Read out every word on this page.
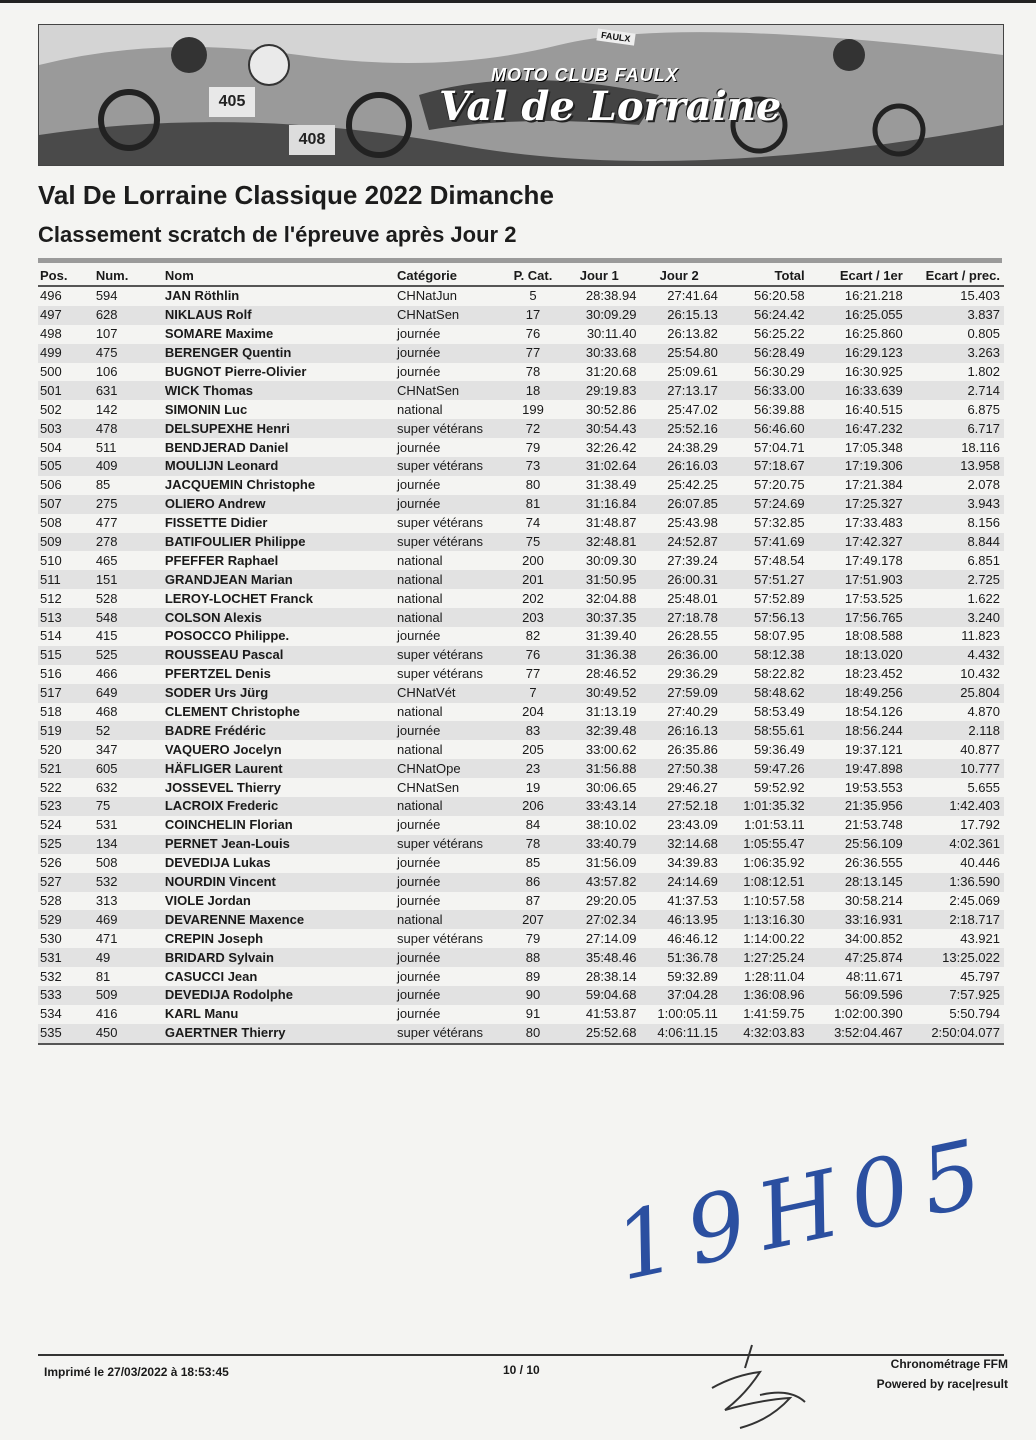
FAULX
MOTO CLUB FAULX
Val de Lorraine
405
408
Val De Lorraine Classique 2022 Dimanche
Classement scratch de l'épreuve après Jour 2
Pos.	Num.	Nom	Catégorie	P. Cat.	Jour 1	Jour 2	Total	Ecart / 1er	Ecart / prec.
496	594	JAN Röthlin	CHNatJun	5	28:38.94	27:41.64	56:20.58	16:21.218	15.403
497	628	NIKLAUS Rolf	CHNatSen	17	30:09.29	26:15.13	56:24.42	16:25.055	3.837
498	107	SOMARE Maxime	journée	76	30:11.40	26:13.82	56:25.22	16:25.860	0.805
499	475	BERENGER Quentin	journée	77	30:33.68	25:54.80	56:28.49	16:29.123	3.263
500	106	BUGNOT Pierre-Olivier	journée	78	31:20.68	25:09.61	56:30.29	16:30.925	1.802
501	631	WICK Thomas	CHNatSen	18	29:19.83	27:13.17	56:33.00	16:33.639	2.714
502	142	SIMONIN Luc	national	199	30:52.86	25:47.02	56:39.88	16:40.515	6.875
503	478	DELSUPEXHE Henri	super vétérans	72	30:54.43	25:52.16	56:46.60	16:47.232	6.717
504	511	BENDJERAD Daniel	journée	79	32:26.42	24:38.29	57:04.71	17:05.348	18.116
505	409	MOULIJN Leonard	super vétérans	73	31:02.64	26:16.03	57:18.67	17:19.306	13.958
506	85	JACQUEMIN Christophe	journée	80	31:38.49	25:42.25	57:20.75	17:21.384	2.078
507	275	OLIERO Andrew	journée	81	31:16.84	26:07.85	57:24.69	17:25.327	3.943
508	477	FISSETTE Didier	super vétérans	74	31:48.87	25:43.98	57:32.85	17:33.483	8.156
509	278	BATIFOULIER Philippe	super vétérans	75	32:48.81	24:52.87	57:41.69	17:42.327	8.844
510	465	PFEFFER Raphael	national	200	30:09.30	27:39.24	57:48.54	17:49.178	6.851
511	151	GRANDJEAN Marian	national	201	31:50.95	26:00.31	57:51.27	17:51.903	2.725
512	528	LEROY-LOCHET Franck	national	202	32:04.88	25:48.01	57:52.89	17:53.525	1.622
513	548	COLSON Alexis	national	203	30:37.35	27:18.78	57:56.13	17:56.765	3.240
514	415	POSOCCO Philippe.	journée	82	31:39.40	26:28.55	58:07.95	18:08.588	11.823
515	525	ROUSSEAU Pascal	super vétérans	76	31:36.38	26:36.00	58:12.38	18:13.020	4.432
516	466	PFERTZEL Denis	super vétérans	77	28:46.52	29:36.29	58:22.82	18:23.452	10.432
517	649	SODER Urs Jürg	CHNatVét	7	30:49.52	27:59.09	58:48.62	18:49.256	25.804
518	468	CLEMENT Christophe	national	204	31:13.19	27:40.29	58:53.49	18:54.126	4.870
519	52	BADRE Frédéric	journée	83	32:39.48	26:16.13	58:55.61	18:56.244	2.118
520	347	VAQUERO Jocelyn	national	205	33:00.62	26:35.86	59:36.49	19:37.121	40.877
521	605	HÄFLIGER Laurent	CHNatOpe	23	31:56.88	27:50.38	59:47.26	19:47.898	10.777
522	632	JOSSEVEL Thierry	CHNatSen	19	30:06.65	29:46.27	59:52.92	19:53.553	5.655
523	75	LACROIX Frederic	national	206	33:43.14	27:52.18	1:01:35.32	21:35.956	1:42.403
524	531	COINCHELIN Florian	journée	84	38:10.02	23:43.09	1:01:53.11	21:53.748	17.792
525	134	PERNET Jean-Louis	super vétérans	78	33:40.79	32:14.68	1:05:55.47	25:56.109	4:02.361
526	508	DEVEDIJA Lukas	journée	85	31:56.09	34:39.83	1:06:35.92	26:36.555	40.446
527	532	NOURDIN Vincent	journée	86	43:57.82	24:14.69	1:08:12.51	28:13.145	1:36.590
528	313	VIOLE Jordan	journée	87	29:20.05	41:37.53	1:10:57.58	30:58.214	2:45.069
529	469	DEVARENNE Maxence	national	207	27:02.34	46:13.95	1:13:16.30	33:16.931	2:18.717
530	471	CREPIN Joseph	super vétérans	79	27:14.09	46:46.12	1:14:00.22	34:00.852	43.921
531	49	BRIDARD Sylvain	journée	88	35:48.46	51:36.78	1:27:25.24	47:25.874	13:25.022
532	81	CASUCCI Jean	journée	89	28:38.14	59:32.89	1:28:11.04	48:11.671	45.797
533	509	DEVEDIJA Rodolphe	journée	90	59:04.68	37:04.28	1:36:08.96	56:09.596	7:57.925
534	416	KARL Manu	journée	91	41:53.87	1:00:05.11	1:41:59.75	1:02:00.390	5:50.794
535	450	GAERTNER Thierry	super vétérans	80	25:52.68	4:06:11.15	4:32:03.83	3:52:04.467	2:50:04.077
19H05
Imprimé le 27/03/2022 à 18:53:45	10 / 10	Chronométrage FFM
Powered by race|result
